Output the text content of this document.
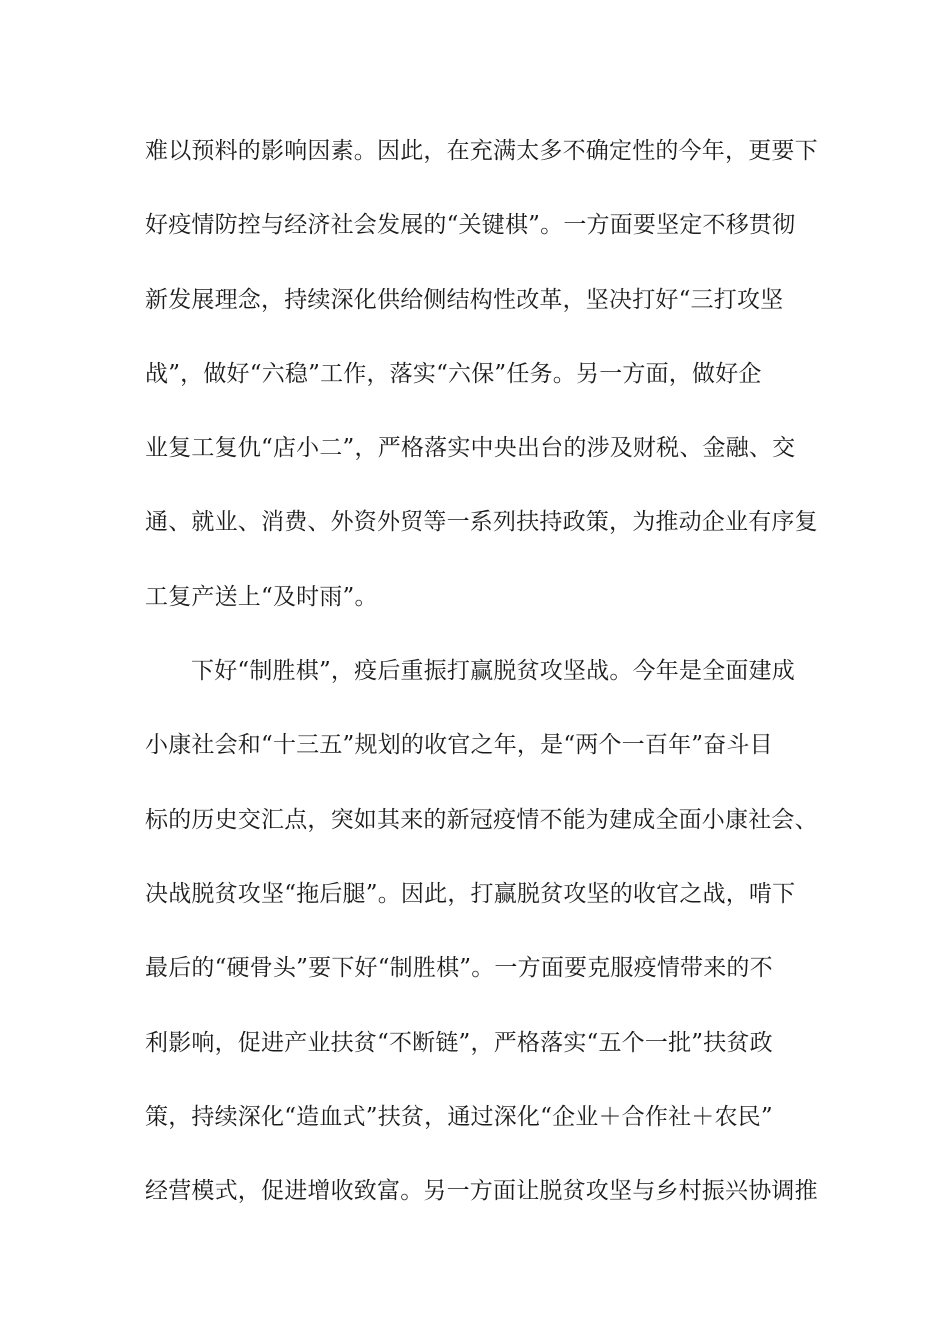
难以预料的影响因素。因此，在充满太多不确定性的今年，更要下
好疫情防控与经济社会发展的“关键棋”。一方面要坚定不移贯彻
新发展理念，持续深化供给侧结构性改革，坚决打好“三打攻坚
战”，做好“六稳”工作，落实“六保”任务。另一方面，做好企
业复工复仇“店小二”，严格落实中央出台的涉及财税、金融、交
通、就业、消费、外资外贸等一系列扶持政策，为推动企业有序复
工复产送上“及时雨”。
下好“制胜棋”，疫后重振打赢脱贫攻坚战。今年是全面建成
小康社会和“十三五”规划的收官之年，是“两个一百年”奋斗目
标的历史交汇点，突如其来的新冠疫情不能为建成全面小康社会、
决战脱贫攻坚“拖后腿”。因此，打赢脱贫攻坚的收官之战，啃下
最后的“硬骨头”要下好“制胜棋”。一方面要克服疫情带来的不
利影响，促进产业扶贫“不断链”，严格落实“五个一批”扶贫政
策，持续深化“造血式”扶贫，通过深化“企业＋合作社＋农民”
经营模式，促进增收致富。另一方面让脱贫攻坚与乡村振兴协调推
